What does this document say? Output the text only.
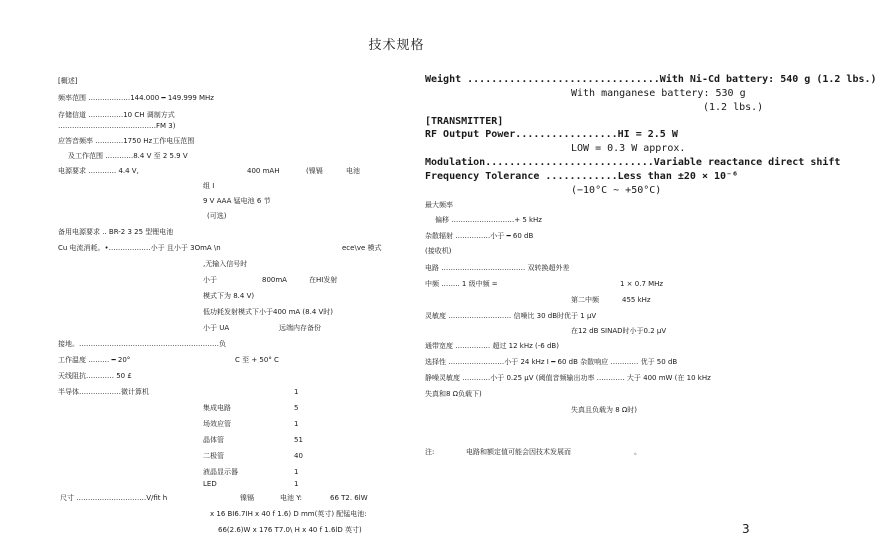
技术规格
[概述]
频率范围 ………………144.000 ━ 149.999 MHz
存储信道 ……………10 CH 调制方式
……………………………………FM 3)
应答音频率 …………1750 Hz工作电压范围
及工作范围 …………8.4 V 至 2 5.9 V
电源要求 ………… 4.4 V,	400 mAH	(镍镉	电池
组 I
9 V AAA 锰电池 6 节
(可选)
备用电源要求 .. BR-2 3 25 型锂电池
Cu 电流消耗。•………………小于 且小于 3OmA \n	ece\ve 模式
‚无输入信号时
小于	800mA	在HI发射
模式下为 8.4 V)
低功耗发射模式下小于400 mA (8.4 V时)
小于 UA	远端内存备份
接地。……………………………………………………负
工作温度 ……… ━ 20°	C 至 + 50° C
天线阻抗………… 50 £
半导体………………微计算机	1
集成电路	5
场效应管	1
晶体管	51
二极管	40
液晶显示器	1
LED	1
尺寸 …………………………V/fit h	镍镉	电池 Y:	66 T2. 6lW
x 16 BI6.7IH x 40 f 1.6) D mm(英寸) 配锰电池:
66(2.6)W x 176 T7.0\ H x 40 f 1.6lD 英寸)
Weight ................................With Ni-Cd battery: 540 g (1.2 lbs.)
With manganese battery: 530 g
(1.2 lbs.)
[TRANSMITTER]
RF Output Power.................HI = 2.5 W
LOW = 0.3 W approx.
Modulation............................Variable reactance direct shift
Frequency Tolerance ............Less than ±20 × 10⁻⁶
(−10°C ~ +50°C)
最大频率
偏移 ………………………+ 5 kHz
杂散辐射 ……………小于 ━ 60 dB
(接收机)
电路 ……………………………… 双转换超外差
中频 …….. 1 级中频 =	1 × 0.7 MHz
第二中频	455 kHz
灵敏度 ……………………… 信噪比 30 dB时优于 1 μV
在12 dB SINAD时小于0.2 μV
通带宽度 …………… 超过 12 kHz (-6 dB)
选择性 ……………………小于 24 kHz I ━ 60 dB 杂散响应 ………… 优于 50 dB
静噪灵敏度 …………小于 0.25 μV (阈值音频输出功率 ………… 大于 400 mW (在 10 kHz
失真和8 Ω负载下)
失真且负载为 8 Ω时)
注:	电路和额定值可能会因技术发展而	。
3
